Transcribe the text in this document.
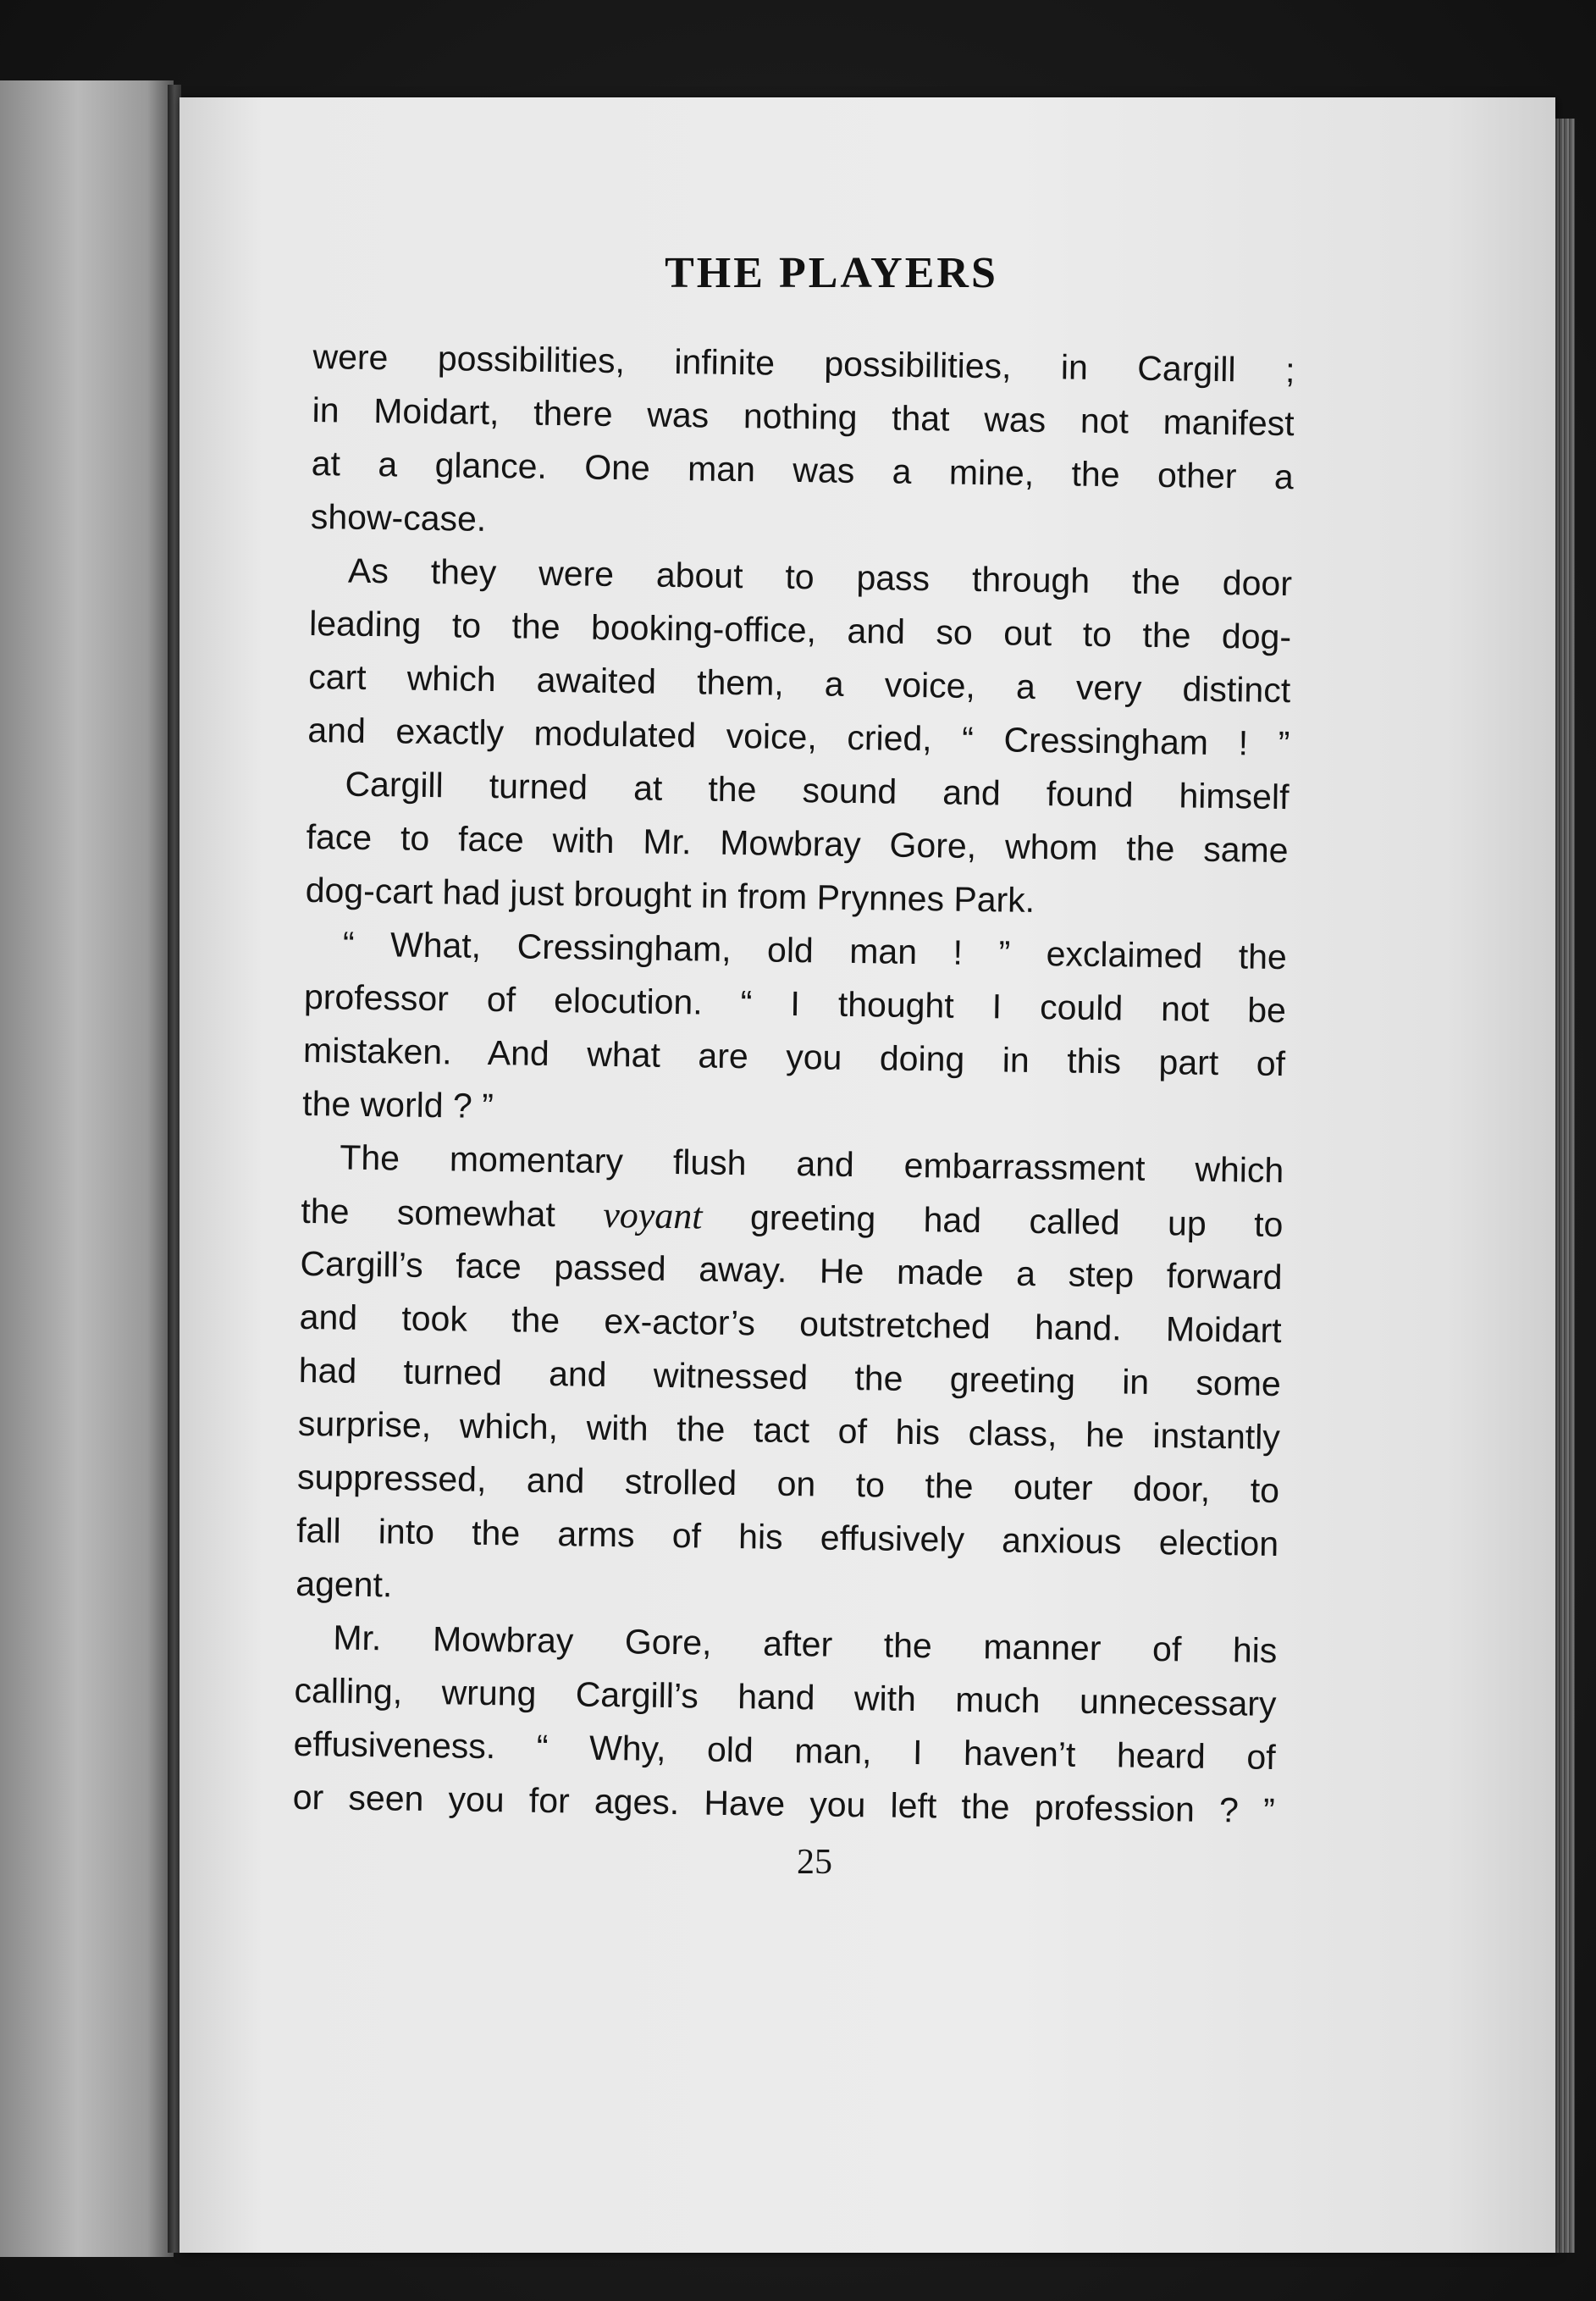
THE PLAYERS
were possibilities, infinite possibilities, in Cargill ;
in Moidart, there was nothing that was not manifest
at a glance. One man was a mine, the other a
show-case.
As they were about to pass through the door
leading to the booking-office, and so out to the dog-
cart which awaited them, a voice, a very distinct
and exactly modulated voice, cried, “ Cressingham ! ”
Cargill turned at the sound and found himself
face to face with Mr. Mowbray Gore, whom the same
dog-cart had just brought in from Prynnes Park.
“ What, Cressingham, old man ! ” exclaimed the
professor of elocution. “ I thought I could not be
mistaken. And what are you doing in this part of
the world ? ”
The momentary flush and embarrassment which
the somewhat voyant greeting had called up to
Cargill’s face passed away. He made a step forward
and took the ex-actor’s outstretched hand. Moidart
had turned and witnessed the greeting in some
surprise, which, with the tact of his class, he instantly
suppressed, and strolled on to the outer door, to
fall into the arms of his effusively anxious election
agent.
Mr. Mowbray Gore, after the manner of his
calling, wrung Cargill’s hand with much unnecessary
effusiveness. “ Why, old man, I haven’t heard of
or seen you for ages. Have you left the profession ? ”
25
